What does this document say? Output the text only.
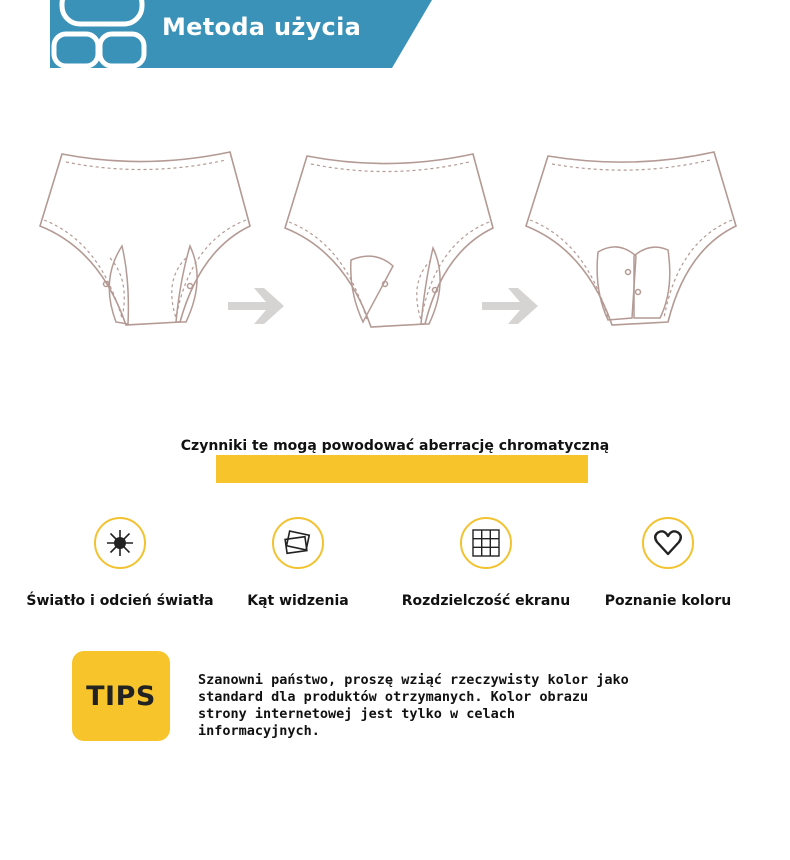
Metoda użycia
Czynniki te mogą powodować aberrację chromatyczną
Światło i odcień światła	Kąt widzenia	Rozdzielczość ekranu	Poznanie koloru
TIPS
Szanowni państwo, proszę wziąć rzeczywisty kolor jako
standard dla produktów otrzymanych. Kolor obrazu
strony internetowej jest tylko w celach informacyjnych.
